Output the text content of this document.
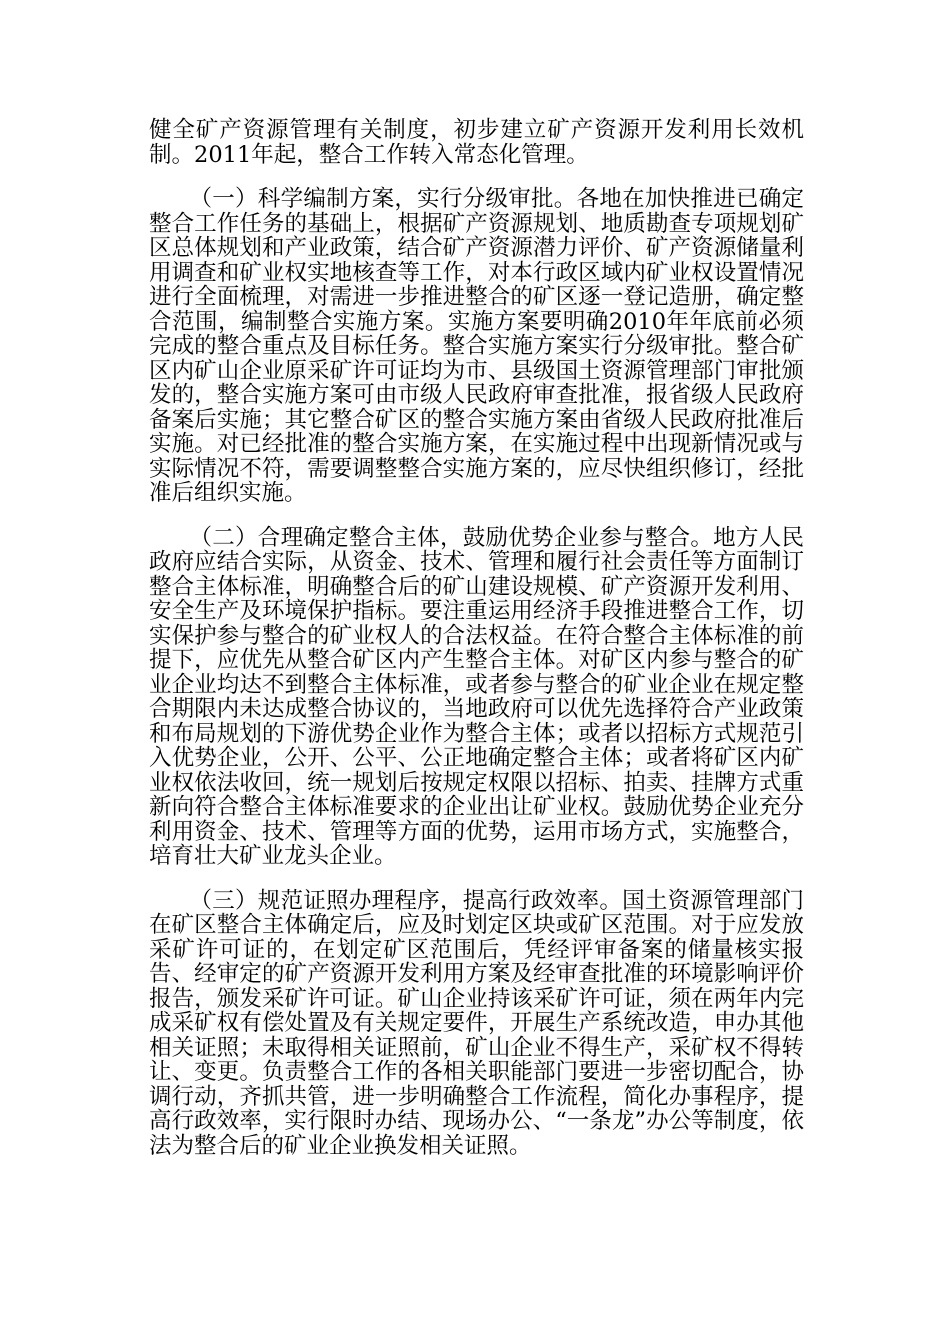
健全矿产资源管理有关制度，初步建立矿产资源开发利用长效机制。2011年起，整合工作转入常态化管理。

（一）科学编制方案，实行分级审批。各地在加快推进已确定整合工作任务的基础上，根据矿产资源规划、地质勘查专项规划矿区总体规划和产业政策，结合矿产资源潜力评价、矿产资源储量利用调查和矿业权实地核查等工作，对本行政区域内矿业权设置情况进行全面梳理，对需进一步推进整合的矿区逐一登记造册，确定整合范围，编制整合实施方案。实施方案要明确2010年年底前必须完成的整合重点及目标任务。整合实施方案实行分级审批。整合矿区内矿山企业原采矿许可证均为市、县级国土资源管理部门审批颁发的，整合实施方案可由市级人民政府审查批准，报省级人民政府备案后实施；其它整合矿区的整合实施方案由省级人民政府批准后实施。对已经批准的整合实施方案，在实施过程中出现新情况或与实际情况不符，需要调整整合实施方案的，应尽快组织修订，经批准后组织实施。

（二）合理确定整合主体，鼓励优势企业参与整合。地方人民政府应结合实际，从资金、技术、管理和履行社会责任等方面制订整合主体标准，明确整合后的矿山建设规模、矿产资源开发利用、安全生产及环境保护指标。要注重运用经济手段推进整合工作，切实保护参与整合的矿业权人的合法权益。在符合整合主体标准的前提下，应优先从整合矿区内产生整合主体。对矿区内参与整合的矿业企业均达不到整合主体标准，或者参与整合的矿业企业在规定整合期限内未达成整合协议的，当地政府可以优先选择符合产业政策和布局规划的下游优势企业作为整合主体；或者以招标方式规范引入优势企业，公开、公平、公正地确定整合主体；或者将矿区内矿业权依法收回，统一规划后按规定权限以招标、拍卖、挂牌方式重新向符合整合主体标准要求的企业出让矿业权。鼓励优势企业充分利用资金、技术、管理等方面的优势，运用市场方式，实施整合，培育壮大矿业龙头企业。

（三）规范证照办理程序，提高行政效率。国土资源管理部门在矿区整合主体确定后，应及时划定区块或矿区范围。对于应发放采矿许可证的，在划定矿区范围后，凭经评审备案的储量核实报告、经审定的矿产资源开发利用方案及经审查批准的环境影响评价报告，颁发采矿许可证。矿山企业持该采矿许可证，须在两年内完成采矿权有偿处置及有关规定要件，开展生产系统改造，申办其他相关证照；未取得相关证照前，矿山企业不得生产，采矿权不得转让、变更。负责整合工作的各相关职能部门要进一步密切配合，协调行动，齐抓共管，进一步明确整合工作流程，简化办事程序，提高行政效率，实行限时办结、现场办公、“一条龙”办公等制度，依法为整合后的矿业企业换发相关证照。
